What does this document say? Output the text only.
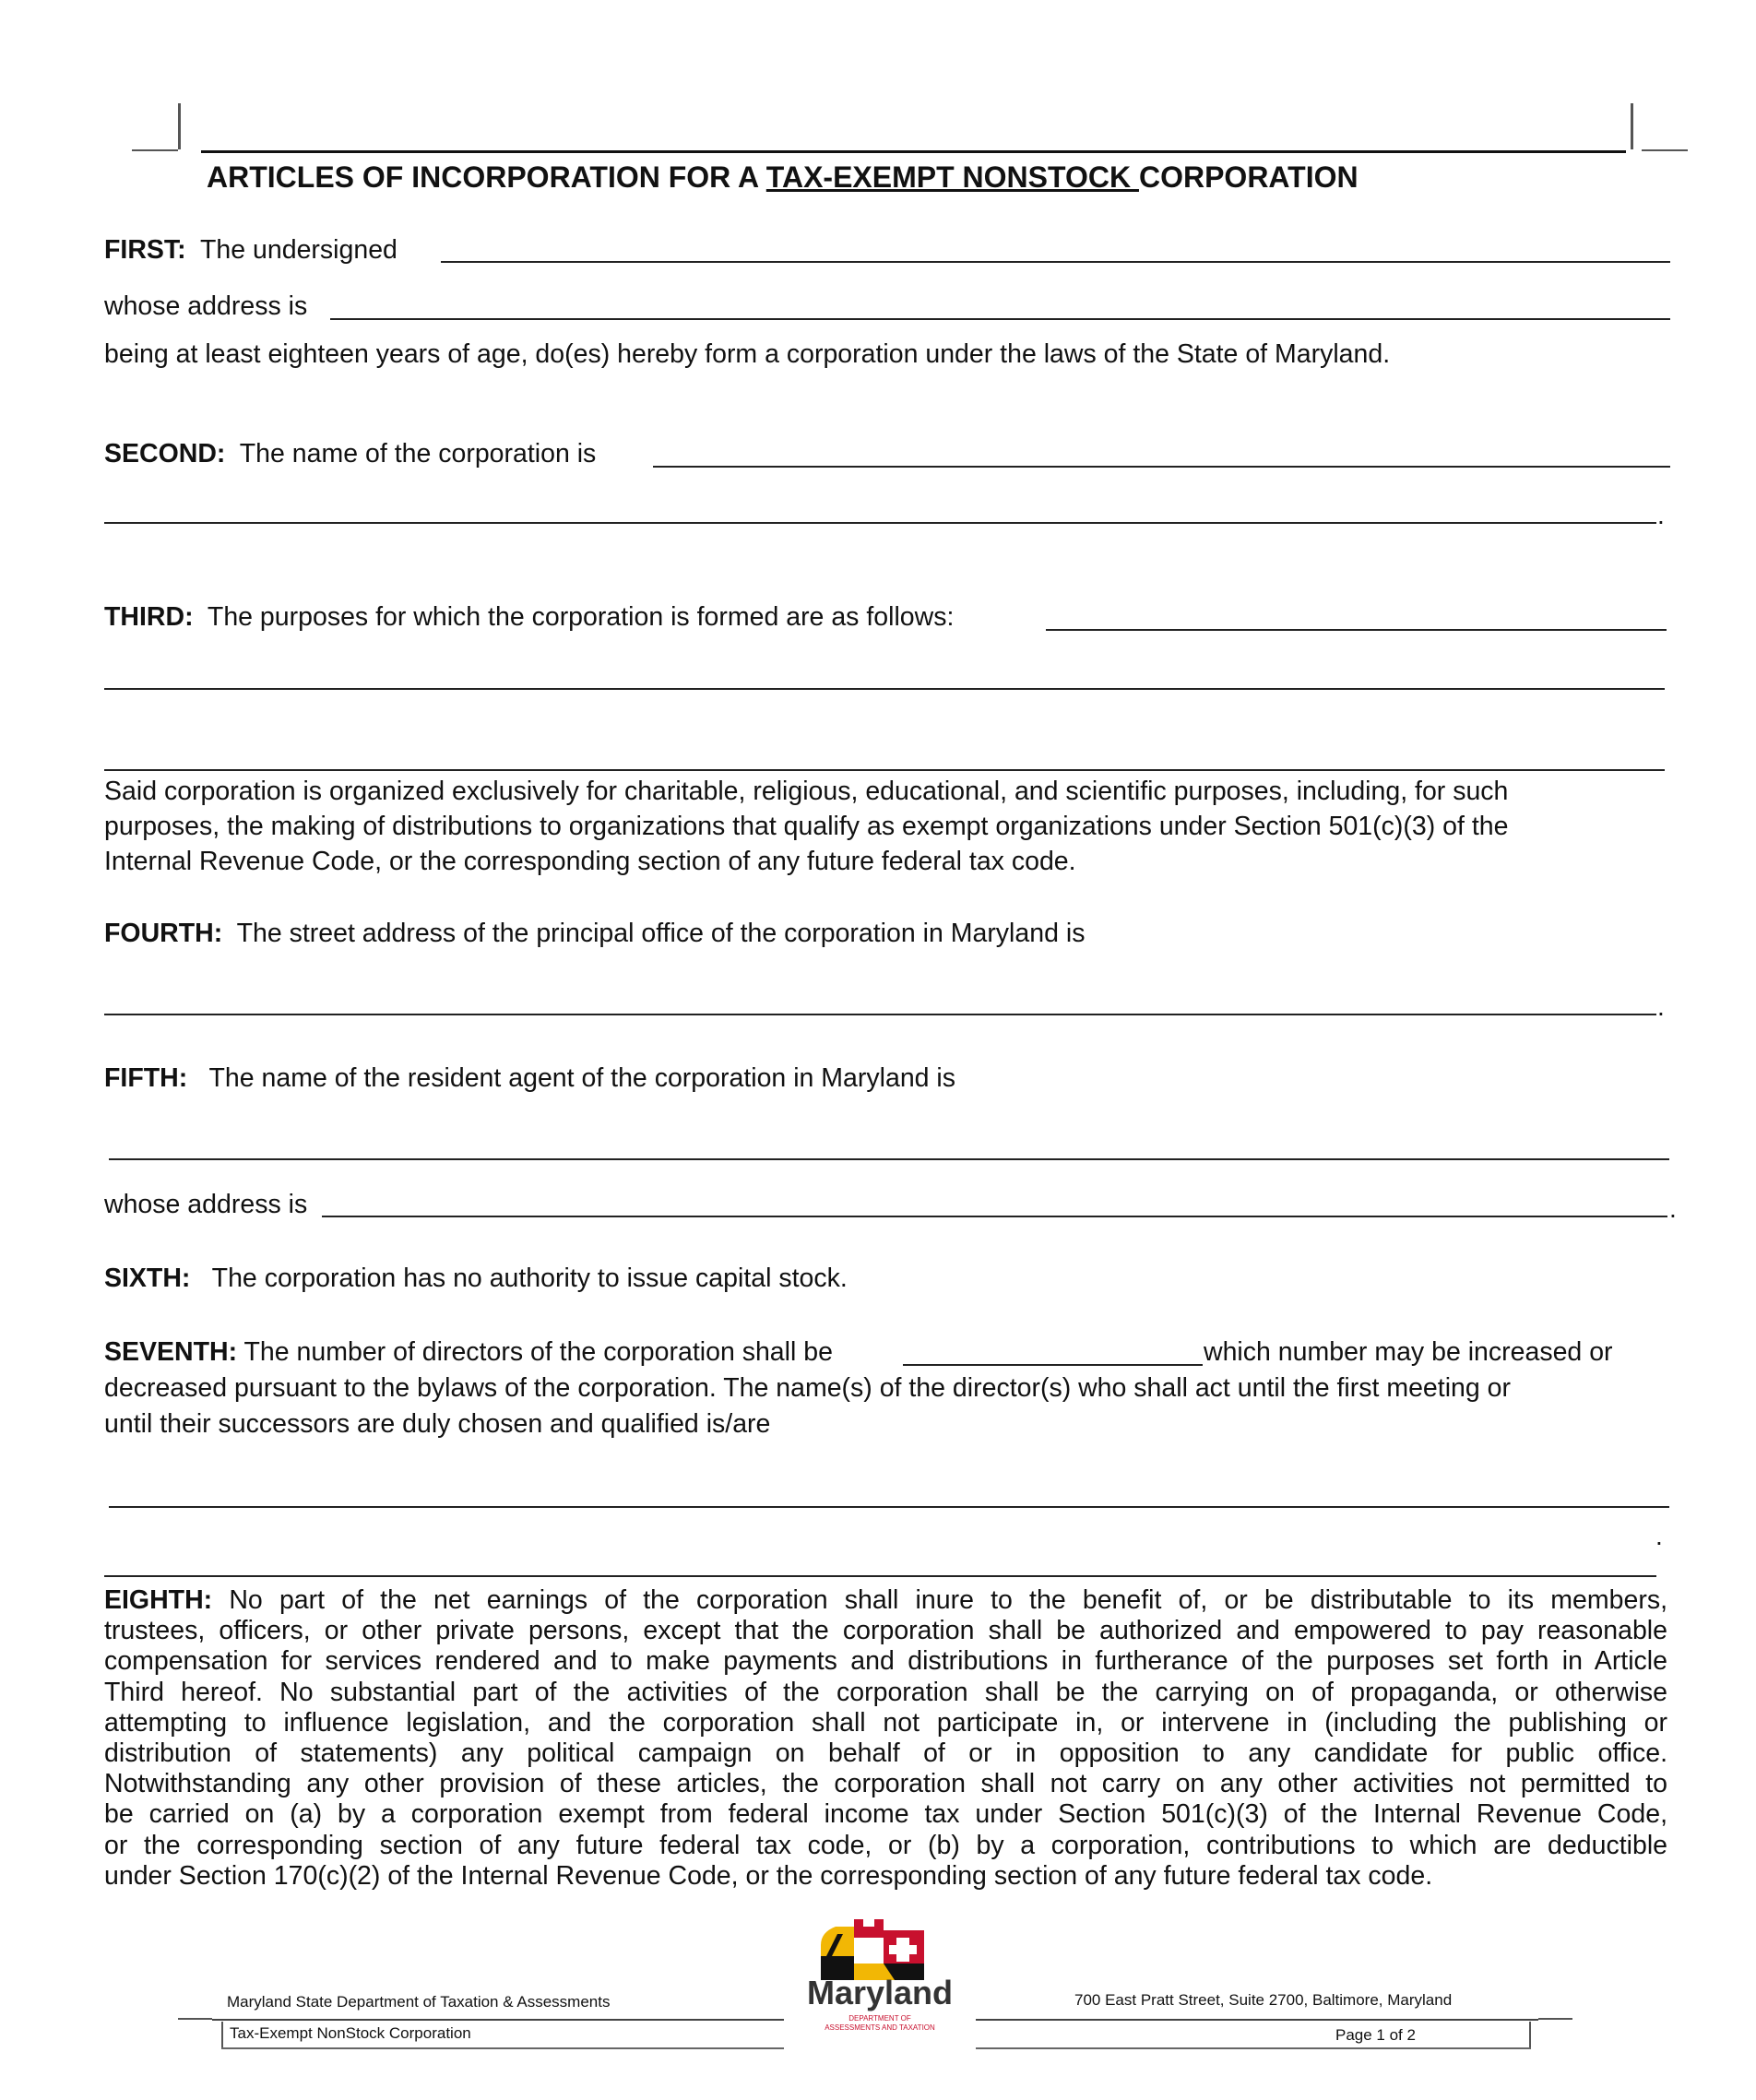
ARTICLES OF INCORPORATION FOR A TAX-EXEMPT NONSTOCK CORPORATION
FIRST: The undersigned
whose address is
being at least eighteen years of age, do(es) hereby form a corporation under the laws of the State of Maryland.
SECOND: The name of the corporation is
.
THIRD: The purposes for which the corporation is formed are as follows:
Said corporation is organized exclusively for charitable, religious, educational, and scientific purposes, including, for such
purposes, the making of distributions to organizations that qualify as exempt organizations under Section 501(c)(3) of the
Internal Revenue Code, or the corresponding section of any future federal tax code.
FOURTH: The street address of the principal office of the corporation in Maryland is
.
FIFTH: The name of the resident agent of the corporation in Maryland is
whose address is	.
SIXTH: The corporation has no authority to issue capital stock.
SEVENTH: The number of directors of the corporation shall be	which number may be increased or
decreased pursuant to the bylaws of the corporation. The name(s) of the director(s) who shall act until the first meeting or
until their successors are duly chosen and qualified is/are
.
EIGHTH: No part of the net earnings of the corporation shall inure to the benefit of, or be distributable to its members,
trustees, officers, or other private persons, except that the corporation shall be authorized and empowered to pay reasonable
compensation for services rendered and to make payments and distributions in furtherance of the purposes set forth in Article
Third hereof. No substantial part of the activities of the corporation shall be the carrying on of propaganda, or otherwise
attempting to influence legislation, and the corporation shall not participate in, or intervene in (including the publishing or
distribution of statements) any political campaign on behalf of or in opposition to any candidate for public office.
Notwithstanding any other provision of these articles, the corporation shall not carry on any other activities not permitted to
be carried on (a) by a corporation exempt from federal income tax under Section 501(c)(3) of the Internal Revenue Code,
or the corresponding section of any future federal tax code, or (b) by a corporation, contributions to which are deductible
under Section 170(c)(2) of the Internal Revenue Code, or the corresponding section of any future federal tax code.
Maryland State Department of Taxation & Assessments	700 East Pratt Street, Suite 2700, Baltimore, Maryland
Tax-Exempt NonStock Corporation	Page 1 of 2
Maryland
DEPARTMENT OF
ASSESSMENTS AND TAXATION
